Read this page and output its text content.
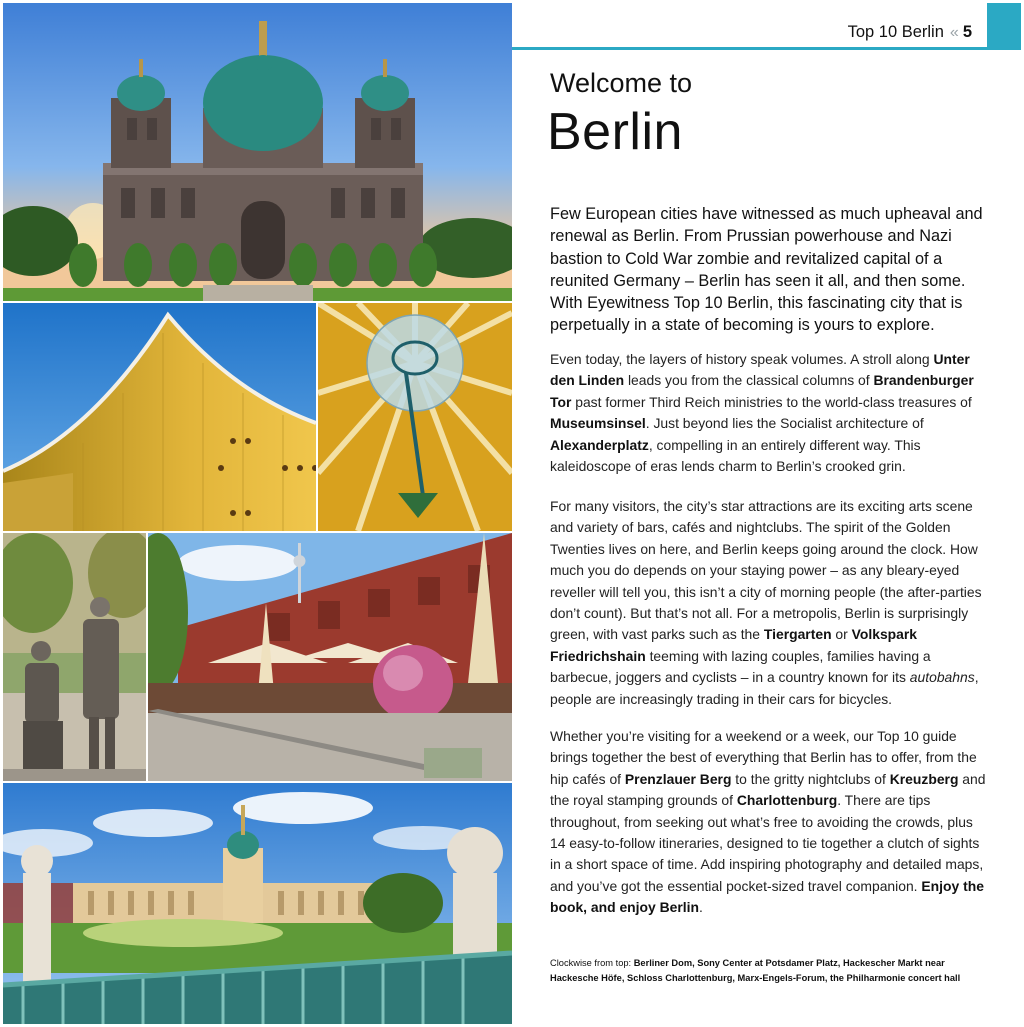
Top 10 Berlin « 5
Welcome to
Berlin
Few European cities have witnessed as much upheaval and renewal as Berlin. From Prussian powerhouse and Nazi bastion to Cold War zombie and revitalized capital of a reunited Germany – Berlin has seen it all, and then some. With Eyewitness Top 10 Berlin, this fascinating city that is perpetually in a state of becoming is yours to explore.
Even today, the layers of history speak volumes. A stroll along Unter den Linden leads you from the classical columns of Brandenburger Tor past former Third Reich ministries to the world-class treasures of Museumsinsel. Just beyond lies the Socialist architecture of Alexanderplatz, compelling in an entirely different way. This kaleidoscope of eras lends charm to Berlin’s crooked grin.
For many visitors, the city’s star attractions are its exciting arts scene and variety of bars, cafés and nightclubs. The spirit of the Golden Twenties lives on here, and Berlin keeps going around the clock. How much you do depends on your staying power – as any bleary-eyed reveller will tell you, this isn’t a city of morning people (the after-parties don’t count). But that’s not all. For a metropolis, Berlin is surprisingly green, with vast parks such as the Tiergarten or Volkspark Friedrichshain teeming with lazing couples, families having a barbecue, joggers and cyclists – in a country known for its autobahns, people are increasingly trading in their cars for bicycles.
Whether you’re visiting for a weekend or a week, our Top 10 guide brings together the best of everything that Berlin has to offer, from the hip cafés of Prenzlauer Berg to the gritty nightclubs of Kreuzberg and the royal stamping grounds of Charlottenburg. There are tips throughout, from seeking out what’s free to avoiding the crowds, plus 14 easy-to-follow itineraries, designed to tie together a clutch of sights in a short space of time. Add inspiring photography and detailed maps, and you’ve got the essential pocket-sized travel companion. Enjoy the book, and enjoy Berlin.
Clockwise from top: Berliner Dom, Sony Center at Potsdamer Platz, Hackescher Markt near Hackesche Höfe, Schloss Charlottenburg, Marx-Engels-Forum, the Philharmonie concert hall
